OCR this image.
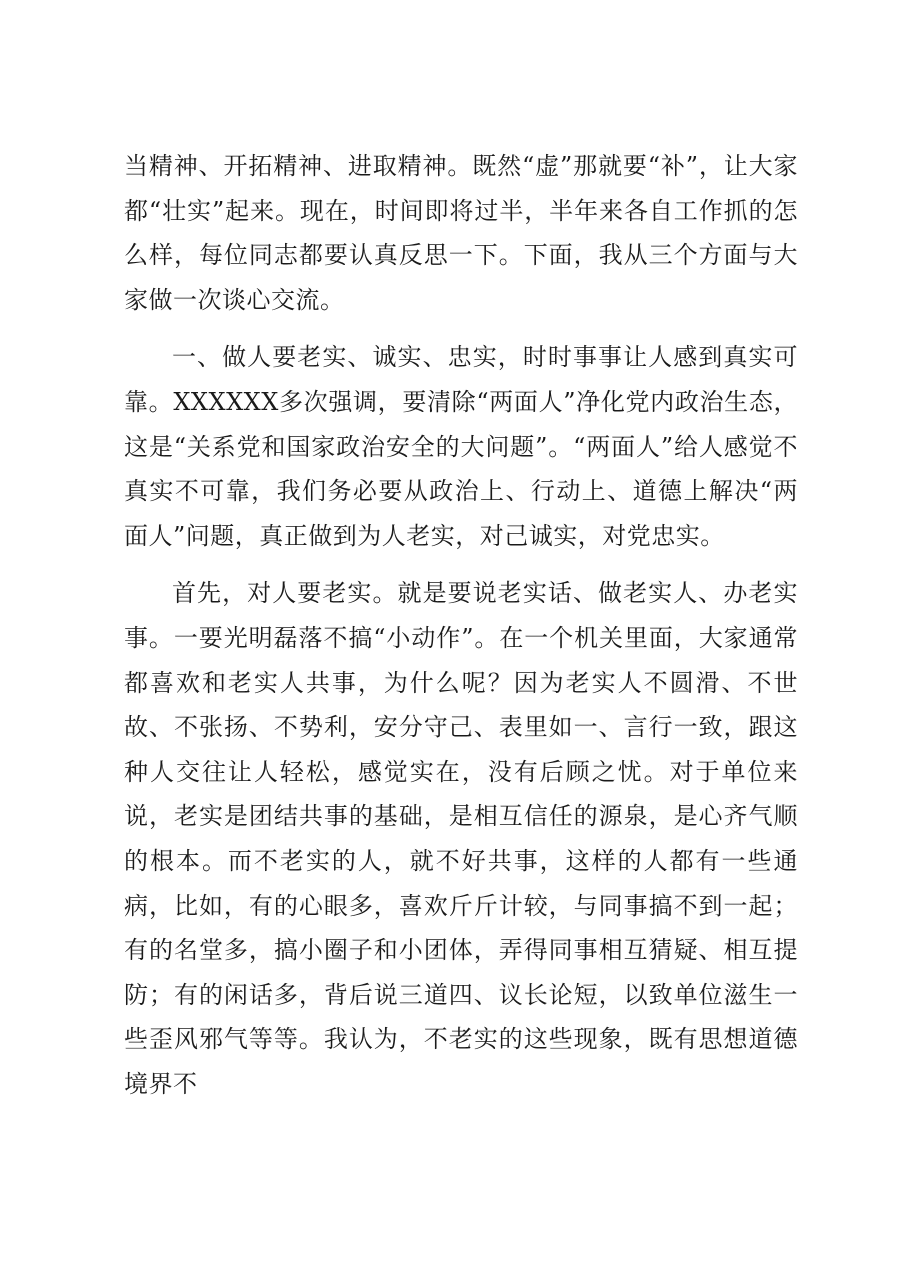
当精神、开拓精神、进取精神。既然“虚”那就要“补”，让大家都“壮实”起来。现在，时间即将过半，半年来各自工作抓的怎么样，每位同志都要认真反思一下。下面，我从三个方面与大家做一次谈心交流。

一、做人要老实、诚实、忠实，时时事事让人感到真实可靠。XXXXXX多次强调，要清除“两面人”净化党内政治生态，这是“关系党和国家政治安全的大问题”。“两面人”给人感觉不真实不可靠，我们务必要从政治上、行动上、道德上解决“两面人”问题，真正做到为人老实，对己诚实，对党忠实。

首先，对人要老实。就是要说老实话、做老实人、办老实事。一要光明磊落不搞“小动作”。在一个机关里面，大家通常都喜欢和老实人共事，为什么呢？因为老实人不圆滑、不世故、不张扬、不势利，安分守己、表里如一、言行一致，跟这种人交往让人轻松，感觉实在，没有后顾之忧。对于单位来说，老实是团结共事的基础，是相互信任的源泉，是心齐气顺的根本。而不老实的人，就不好共事，这样的人都有一些通病，比如，有的心眼多，喜欢斤斤计较，与同事搞不到一起；有的名堂多，搞小圈子和小团体，弄得同事相互猜疑、相互提防；有的闲话多，背后说三道四、议长论短，以致单位滋生一些歪风邪气等等。我认为，不老实的这些现象，既有思想道德境界不
